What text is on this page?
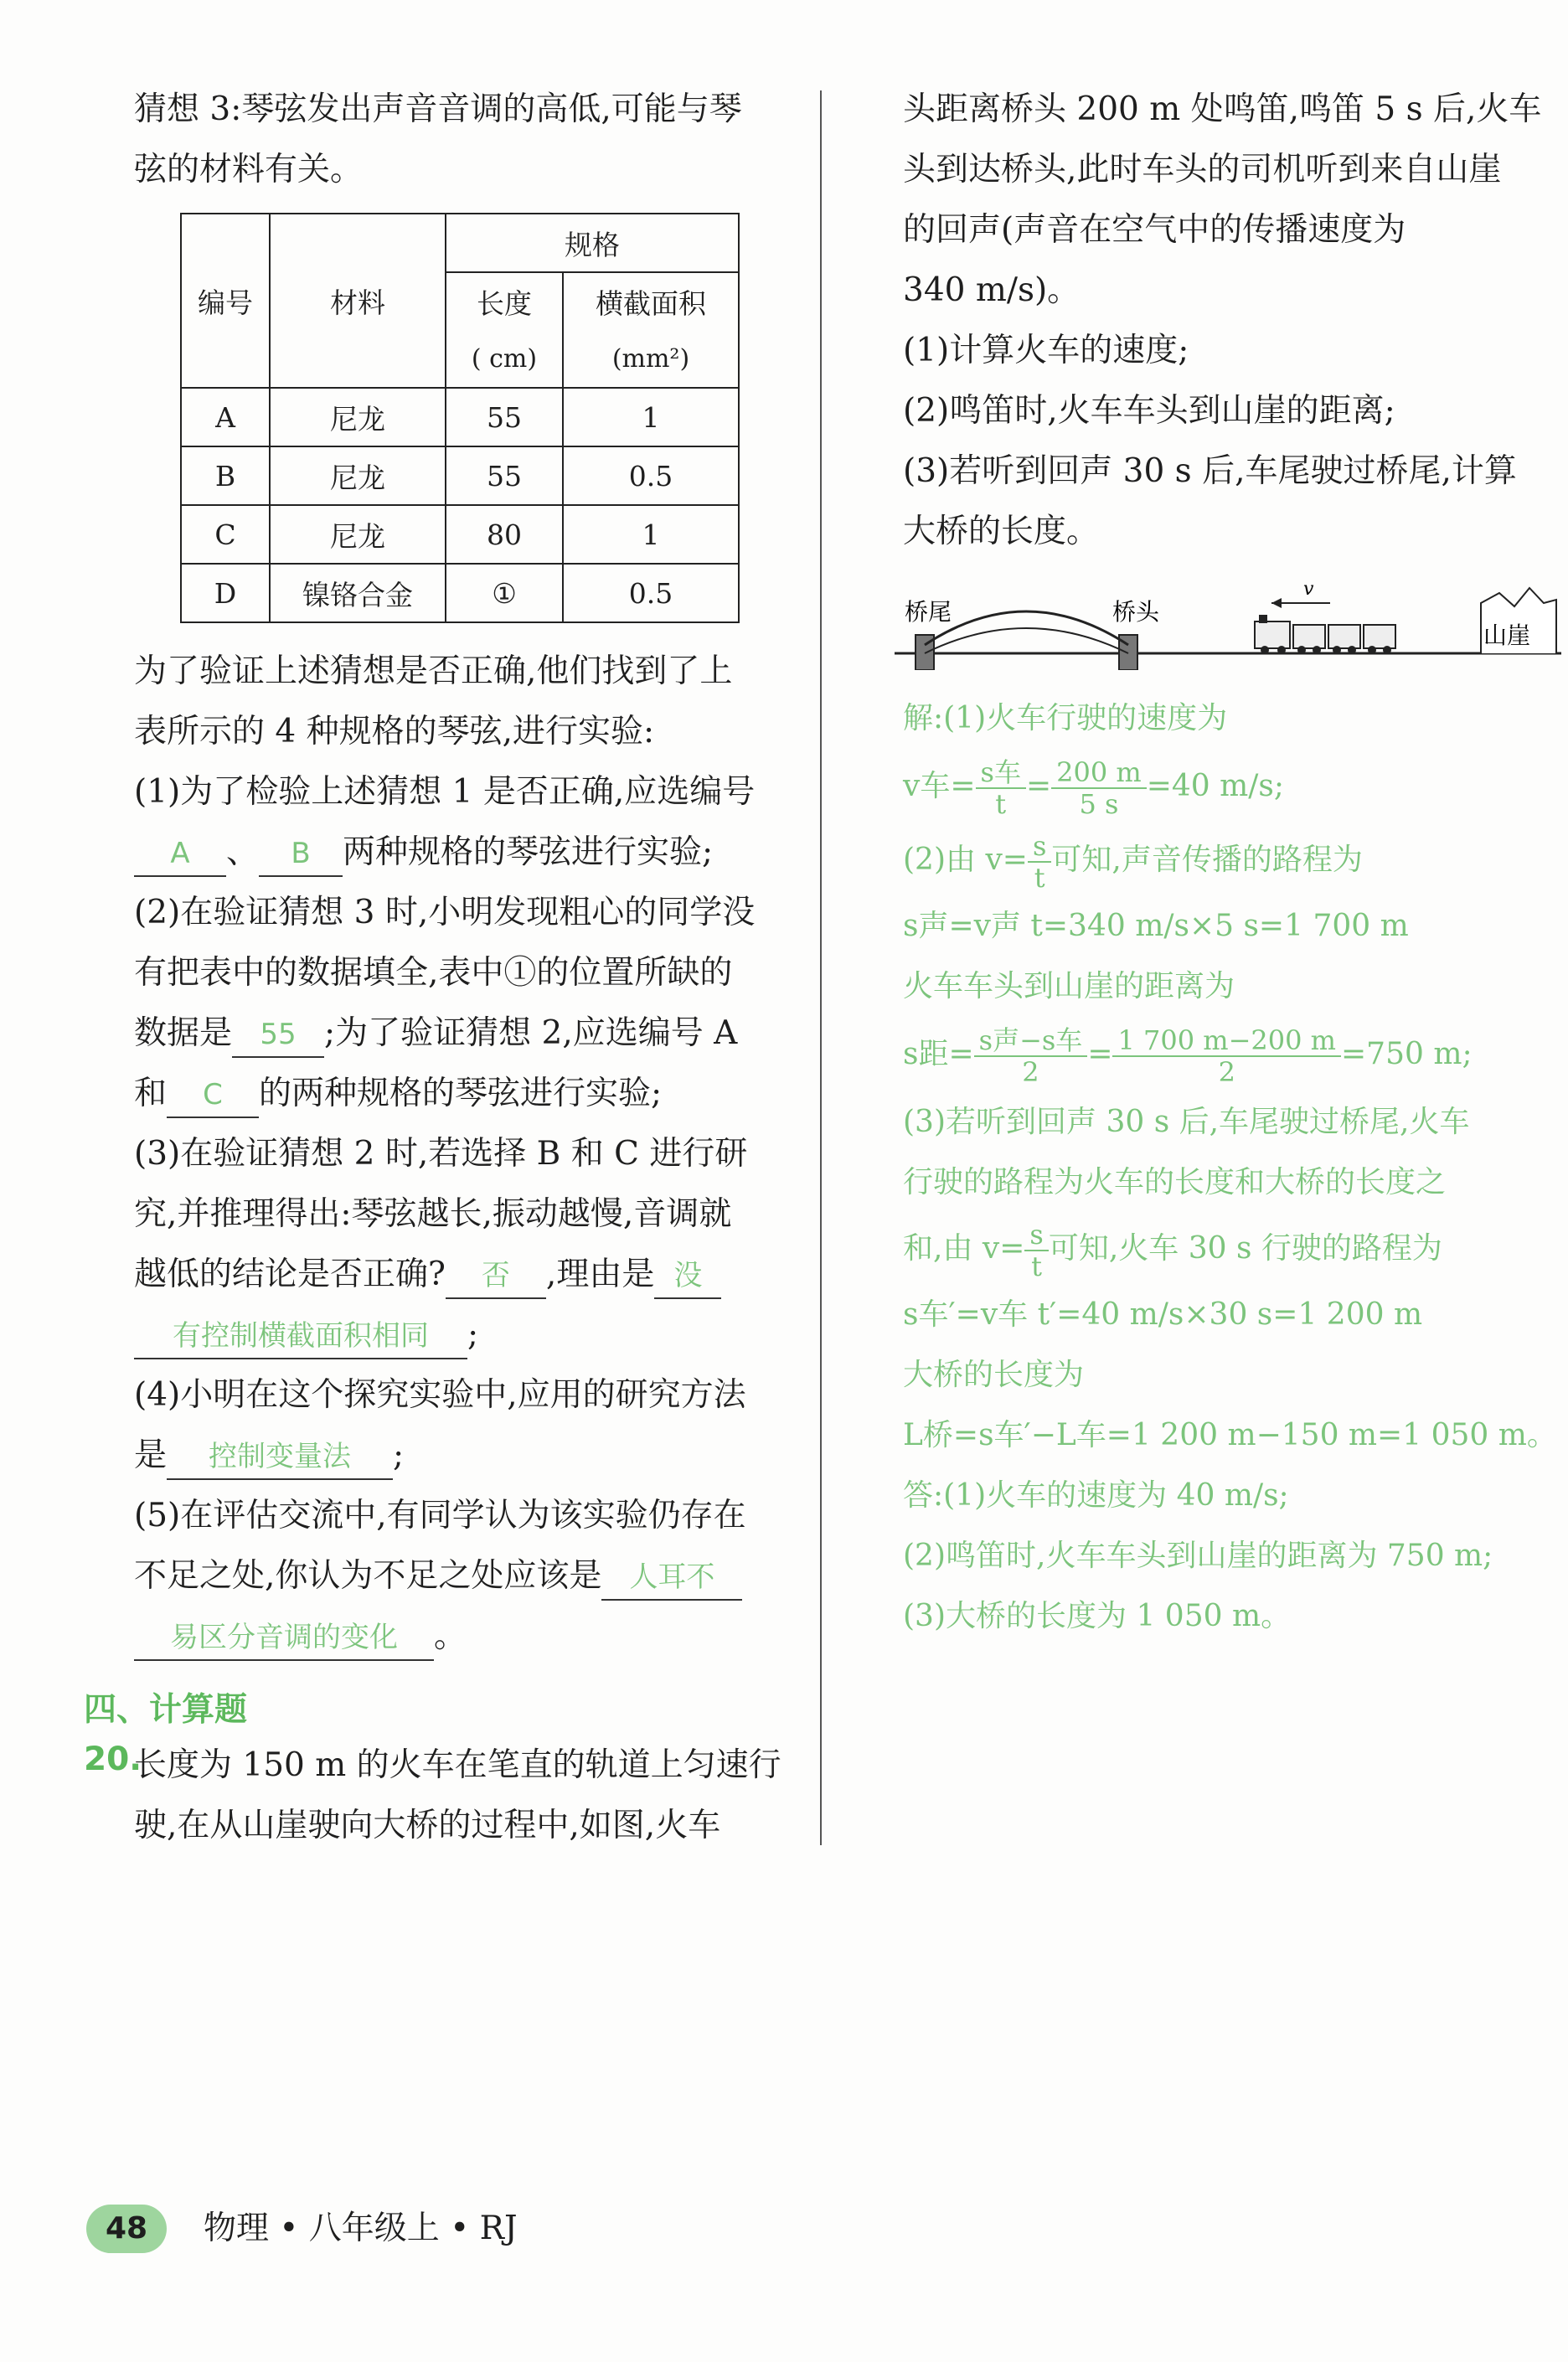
猜想 3:琴弦发出声音音调的高低,可能与琴

弦的材料有关。

编号	材料	规格	
		长度	横截面积
		( cm)	(mm²)
A	尼龙	55	1
B	尼龙	55	0.5
C	尼龙	80	1
D	镍铬合金	①	0.5

为了验证上述猜想是否正确,他们找到了上

表所示的 4 种规格的琴弦,进行实验:

(1)为了检验上述猜想 1 是否正确,应选编号

A 、 B 两种规格的琴弦进行实验;

(2)在验证猜想 3 时,小明发现粗心的同学没

有把表中的数据填全,表中①的位置所缺的

数据是 55 ;为了验证猜想 2,应选编号 A

和 C 的两种规格的琴弦进行实验;

(3)在验证猜想 2 时,若选择 B 和 C 进行研

究,并推理得出:琴弦越长,振动越慢,音调就

越低的结论是否正确? 否 ,理由是 没

有控制横截面积相同 ;

(4)小明在这个探究实验中,应用的研究方法

是 控制变量法 ;

(5)在评估交流中,有同学认为该实验仍存在

不足之处,你认为不足之处应该是 人耳不

易区分音调的变化 。

四、计算题
20.

长度为 150 m 的火车在笔直的轨道上匀速行

驶,在从山崖驶向大桥的过程中,如图,火车

头距离桥头 200 m 处鸣笛,鸣笛 5 s 后,火车

头到达桥头,此时车头的司机听到来自山崖

的回声(声音在空气中的传播速度为

340 m/s)。

(1)计算火车的速度;

(2)鸣笛时,火车车头到山崖的距离;

(3)若听到回声 30 s 后,车尾驶过桥尾,计算

大桥的长度。

桥尾	桥头
v
山崖

解:(1)火车行驶的速度为

v车= $\frac{\text{s车}}{t} = \frac{200 m}{5 s} =40$ m/s;

(2)由 $v= \frac{s}{t}$ 可知,声音传播的路程为

s声=v声 t=340 m/s×5 s=1 700 m

火车车头到山崖的距离为

s距= $\frac{\text{s声−s车}}{2} = \frac{1 700 m-200 m}{2} =750$ m;

(3)若听到回声 30 s 后,车尾驶过桥尾,火车

行驶的路程为火车的长度和大桥的长度之

和,由 $v= \frac{s}{t}$ 可知,火车 30 s 行驶的路程为

s车′=v车 t′=40 m/s×30 s=1 200 m

大桥的长度为

L桥=s车′−L车=1 200 m−150 m=1 050 m。

答:(1)火车的速度为 40 m/s;

(2)鸣笛时,火车车头到山崖的距离为 750 m;

(3)大桥的长度为 1 050 m。

48	物理 • 八年级上 • RJ
